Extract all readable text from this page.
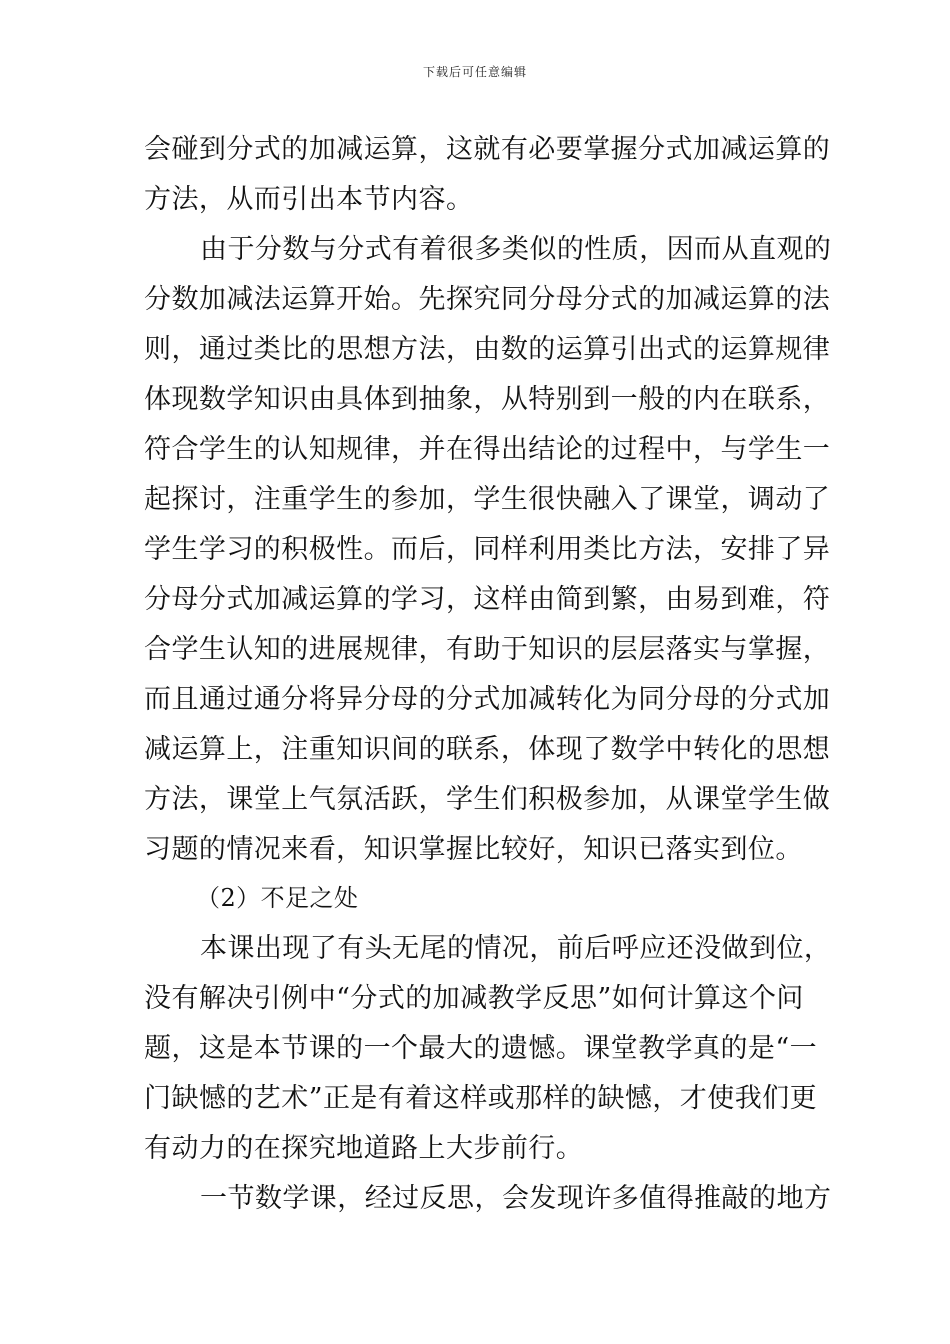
下载后可任意编辑
会碰到分式的加减运算，这就有必要掌握分式加减运算的
方法，从而引出本节内容。
由于分数与分式有着很多类似的性质，因而从直观的
分数加减法运算开始。先探究同分母分式的加减运算的法
则，通过类比的思想方法，由数的运算引出式的运算规律
体现数学知识由具体到抽象，从特别到一般的内在联系，
符合学生的认知规律，并在得出结论的过程中，与学生一
起探讨，注重学生的参加，学生很快融入了课堂，调动了
学生学习的积极性。而后，同样利用类比方法，安排了异
分母分式加减运算的学习，这样由简到繁，由易到难，符
合学生认知的进展规律，有助于知识的层层落实与掌握，
而且通过通分将异分母的分式加减转化为同分母的分式加
减运算上，注重知识间的联系，体现了数学中转化的思想
方法，课堂上气氛活跃，学生们积极参加，从课堂学生做
习题的情况来看，知识掌握比较好，知识已落实到位。
（2）不足之处
本课出现了有头无尾的情况，前后呼应还没做到位，
没有解决引例中“分式的加减教学反思”如何计算这个问
题，这是本节课的一个最大的遗憾。课堂教学真的是“一
门缺憾的艺术”正是有着这样或那样的缺憾，才使我们更
有动力的在探究地道路上大步前行。
一节数学课，经过反思，会发现许多值得推敲的地方
